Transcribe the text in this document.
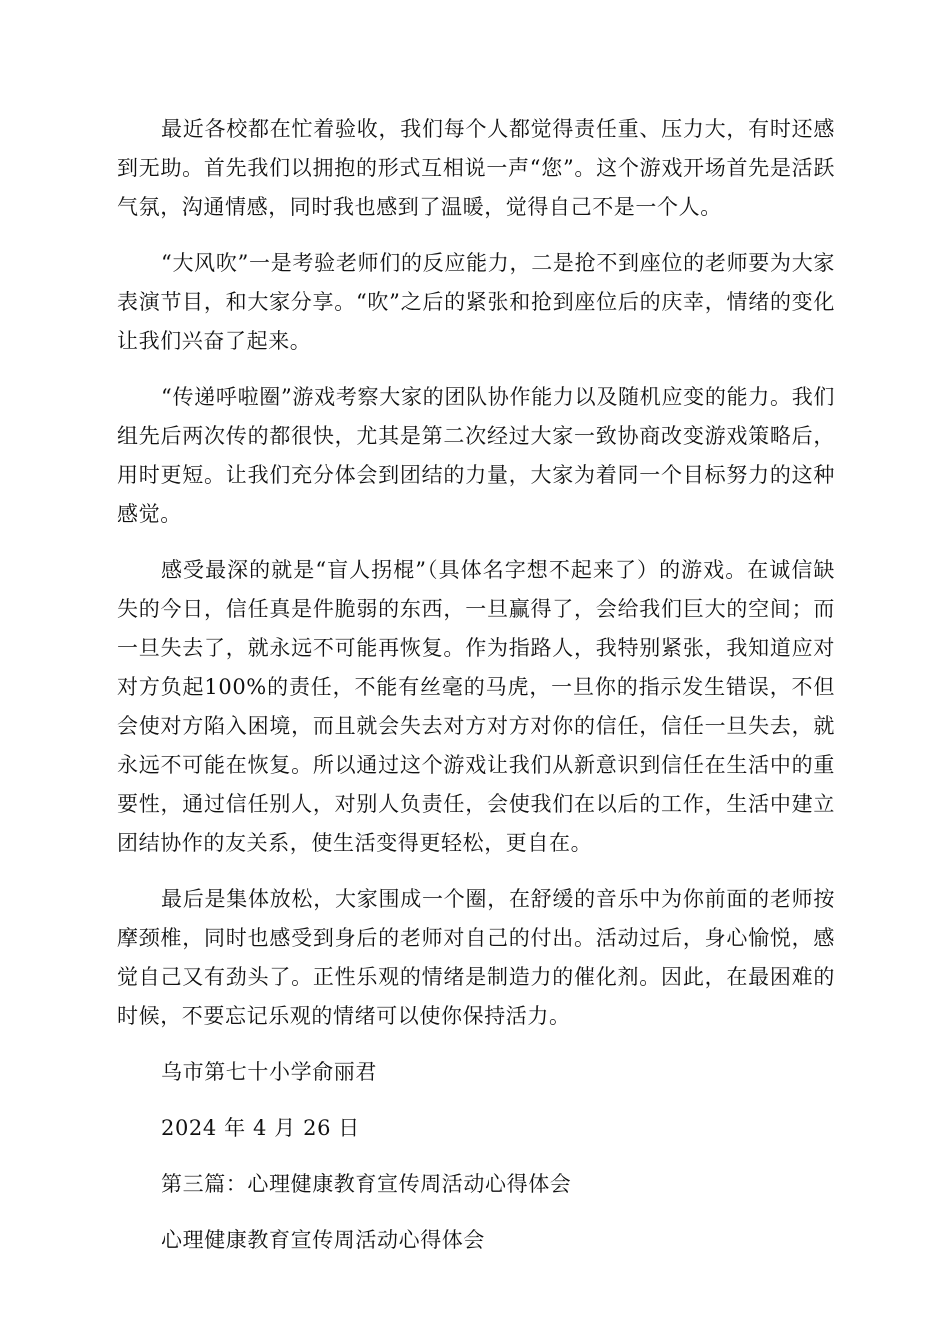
最近各校都在忙着验收，我们每个人都觉得责任重、压力大，有时还感到无助。首先我们以拥抱的形式互相说一声“您”。这个游戏开场首先是活跃气氛，沟通情感，同时我也感到了温暖，觉得自己不是一个人。

“大风吹”一是考验老师们的反应能力，二是抢不到座位的老师要为大家表演节目，和大家分享。“吹”之后的紧张和抢到座位后的庆幸，情绪的变化让我们兴奋了起来。

“传递呼啦圈”游戏考察大家的团队协作能力以及随机应变的能力。我们组先后两次传的都很快，尤其是第二次经过大家一致协商改变游戏策略后，用时更短。让我们充分体会到团结的力量，大家为着同一个目标努力的这种感觉。

感受最深的就是“盲人拐棍”（具体名字想不起来了）的游戏。在诚信缺失的今日，信任真是件脆弱的东西，一旦赢得了，会给我们巨大的空间；而一旦失去了，就永远不可能再恢复。作为指路人，我特别紧张，我知道应对对方负起100%的责任，不能有丝毫的马虎，一旦你的指示发生错误，不但会使对方陷入困境，而且就会失去对方对方对你的信任，信任一旦失去，就永远不可能在恢复。所以通过这个游戏让我们从新意识到信任在生活中的重要性，通过信任别人，对别人负责任，会使我们在以后的工作，生活中建立团结协作的友关系，使生活变得更轻松，更自在。

最后是集体放松，大家围成一个圈，在舒缓的音乐中为你前面的老师按摩颈椎，同时也感受到身后的老师对自己的付出。活动过后，身心愉悦，感觉自己又有劲头了。正性乐观的情绪是制造力的催化剂。因此，在最困难的时候，不要忘记乐观的情绪可以使你保持活力。

乌市第七十小学俞丽君
2024 年 4 月 26 日
第三篇：心理健康教育宣传周活动心得体会
心理健康教育宣传周活动心得体会
